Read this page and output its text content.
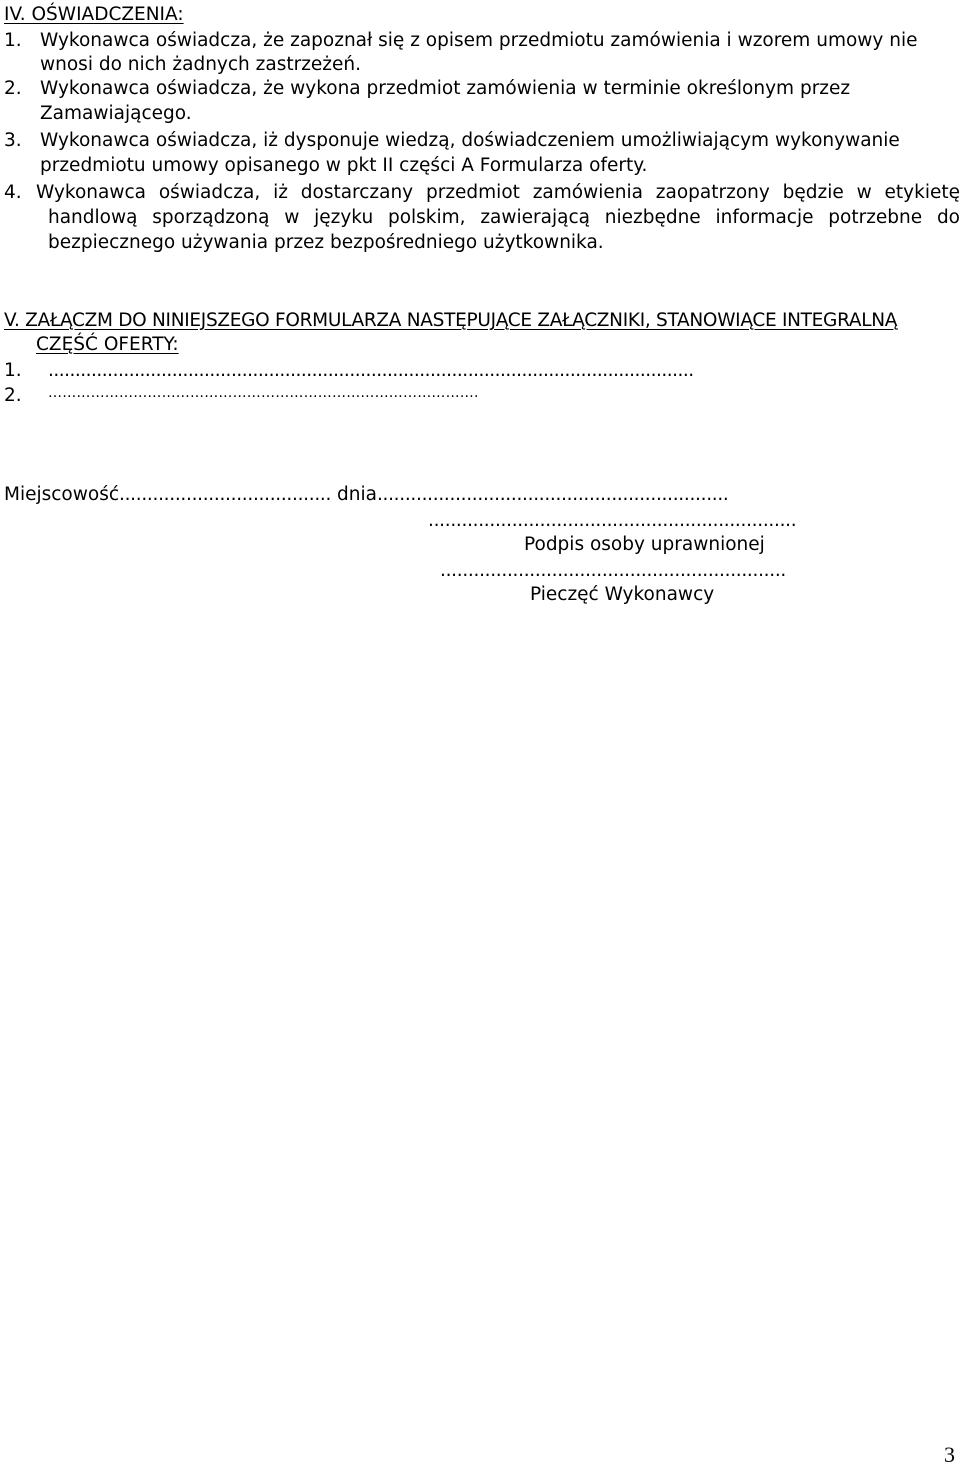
IV. OŚWIADCZENIA:
1. Wykonawca oświadcza, że zapoznał się z opisem przedmiotu zamówienia i wzorem umowy nie
wnosi do nich żadnych zastrzeżeń.
2. Wykonawca oświadcza, że wykona przedmiot zamówienia w terminie określonym przez
Zamawiającego.
3. Wykonawca oświadcza, iż dysponuje wiedzą, doświadczeniem umożliwiającym wykonywanie
przedmiotu umowy opisanego w pkt II części A Formularza oferty.
4. Wykonawca oświadcza, iż dostarczany przedmiot zamówienia zaopatrzony będzie w etykietę
handlową sporządzoną w języku polskim, zawierającą niezbędne informacje potrzebne do
bezpiecznego używania przez bezpośredniego użytkownika.
V. ZAŁĄCZM DO NINIEJSZEGO FORMULARZA NASTĘPUJĄCE ZAŁĄCZNIKI, STANOWIĄCE INTEGRALNĄ
CZĘŚĆ OFERTY:
1. ........................................................................................................................
2. ……………………………………………………………………………….
Miejscowość...................................... dnia...............................................................
..................................................................
Podpis osoby uprawnionej
..............................................................
Pieczęć Wykonawcy
3
